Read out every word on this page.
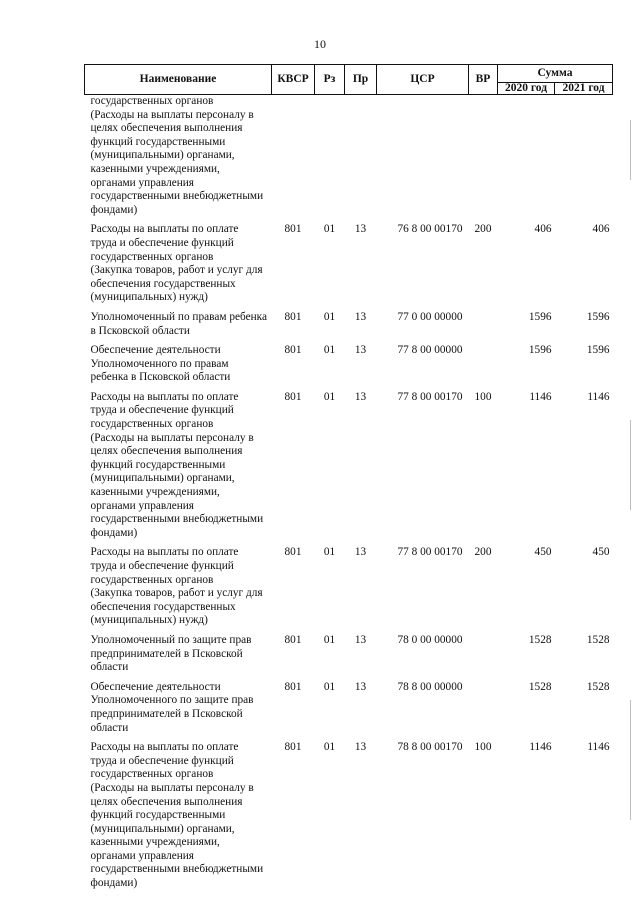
10
Наименование	КВСР	Рз	Пр	ЦСР	ВР	Сумма	
						2020 год	2021 год
государственных органов
(Расходы на выплаты персоналу в целях обеспечения выполнения функций государственными (муниципальными) органами, казенными учреждениями, органами управления государственными внебюджетными фондами)							

Расходы на выплаты по оплате труда и обеспечение функций государственных органов
(Закупка товаров, работ и услуг для обеспечения государственных (муниципальных) нужд)	801	01	13	76 8 00 00170	200	406	406

Уполномоченный по правам ребенка в Псковской области	801	01	13	77 0 00 00000		1596	1596

Обеспечение деятельности Уполномоченного по правам ребенка в Псковской области	801	01	13	77 8 00 00000		1596	1596

Расходы на выплаты по оплате труда и обеспечение функций государственных органов
(Расходы на выплаты персоналу в целях обеспечения выполнения функций государственными (муниципальными) органами, казенными учреждениями, органами управления государственными внебюджетными фондами)	801	01	13	77 8 00 00170	100	1146	1146

Расходы на выплаты по оплате труда и обеспечение функций государственных органов
(Закупка товаров, работ и услуг для обеспечения государственных (муниципальных) нужд)	801	01	13	77 8 00 00170	200	450	450

Уполномоченный по защите прав предпринимателей в Псковской области	801	01	13	78 0 00 00000		1528	1528

Обеспечение деятельности Уполномоченного по защите прав предпринимателей в Псковской области	801	01	13	78 8 00 00000		1528	1528

Расходы на выплаты по оплате труда и обеспечение функций государственных органов
(Расходы на выплаты персоналу в целях обеспечения выполнения функций государственными (муниципальными) органами, казенными учреждениями, органами управления государственными внебюджетными фондами)	801	01	13	78 8 00 00170	100	1146	1146
